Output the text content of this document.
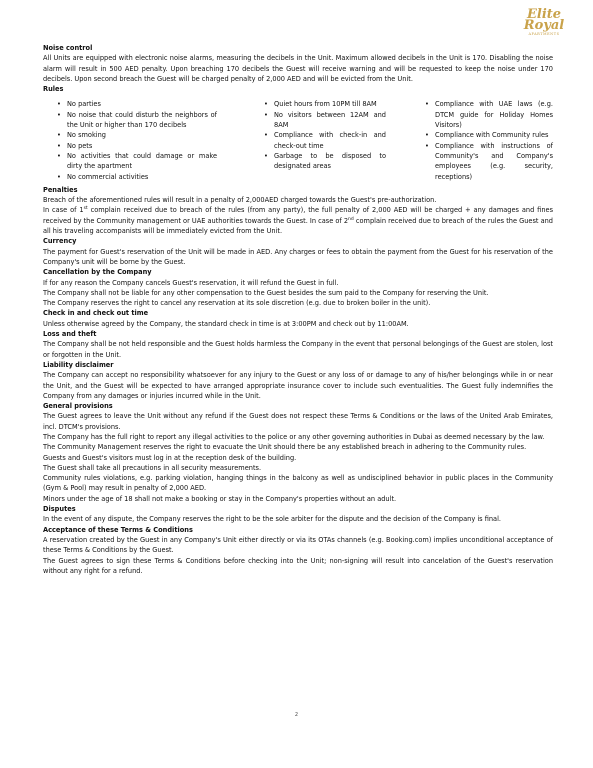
Elite
Royal
APARTMENTS

Noise control

All Units are equipped with electronic noise alarms, measuring the decibels in the Unit. Maximum allowed decibels in the Unit is 170. Disabling the noise alarm will result in 500 AED penalty. Upon breaching 170 decibels the Guest will receive warning and will be requested to keep the noise under 170 decibels. Upon second breach the Guest will be charged penalty of 2,000 AED and will be evicted from the Unit.

Rules

• No parties
• No noise that could disturb the neighbors of the Unit or higher than 170 decibels
• No smoking
• No pets
• No activities that could damage or make dirty the apartment
• No commercial activities
• Quiet hours from 10PM till 8AM
• No visitors between 12AM and 8AM
• Compliance with check-in and check-out time
• Garbage to be disposed to designated areas
• Compliance with UAE laws (e.g. DTCM guide for Holiday Homes Visitors)
• Compliance with Community rules
• Compliance with instructions of Community's and Company's employees (e.g. security, receptions)

Penalties

Breach of the aforementioned rules will result in a penalty of 2,000AED charged towards the Guest's pre-authorization.

In case of 1st complain received due to breach of the rules (from any party), the full penalty of 2,000 AED will be charged + any damages and fines received by the Community management or UAE authorities towards the Guest. In case of 2nd complain received due to breach of the rules the Guest and all his traveling accompanists will be immediately evicted from the Unit.

Currency

The payment for Guest's reservation of the Unit will be made in AED. Any charges or fees to obtain the payment from the Guest for his reservation of the Company's unit will be borne by the Guest.

Cancellation by the Company

If for any reason the Company cancels Guest's reservation, it will refund the Guest in full.

The Company shall not be liable for any other compensation to the Guest besides the sum paid to the Company for reserving the Unit.

The Company reserves the right to cancel any reservation at its sole discretion (e.g. due to broken boiler in the unit).

Check in and check out time

Unless otherwise agreed by the Company, the standard check in time is at 3:00PM and check out by 11:00AM.

Loss and theft

The Company shall be not held responsible and the Guest holds harmless the Company in the event that personal belongings of the Guest are stolen, lost or forgotten in the Unit.

Liability disclaimer

The Company can accept no responsibility whatsoever for any injury to the Guest or any loss of or damage to any of his/her belongings while in or near the Unit, and the Guest will be expected to have arranged appropriate insurance cover to include such eventualities. The Guest fully indemnifies the Company from any damages or injuries incurred while in the Unit.

General provisions

The Guest agrees to leave the Unit without any refund if the Guest does not respect these Terms & Conditions or the laws of the United Arab Emirates, incl. DTCM's provisions.

The Company has the full right to report any illegal activities to the police or any other governing authorities in Dubai as deemed necessary by the law.

The Community Management reserves the right to evacuate the Unit should there be any established breach in adhering to the Community rules.

Guests and Guest's visitors must log in at the reception desk of the building.

The Guest shall take all precautions in all security measurements.

Community rules violations, e.g. parking violation, hanging things in the balcony as well as undisciplined behavior in public places in the Community (Gym & Pool) may result in penalty of 2,000 AED.

Minors under the age of 18 shall not make a booking or stay in the Company's properties without an adult.

Disputes

In the event of any dispute, the Company reserves the right to be the sole arbiter for the dispute and the decision of the Company is final.

Acceptance of these Terms & Conditions

A reservation created by the Guest in any Company's Unit either directly or via its OTAs channels (e.g. Booking.com) implies unconditional acceptance of these Terms & Conditions by the Guest.

The Guest agrees to sign these Terms & Conditions before checking into the Unit; non-signing will result into cancelation of the Guest's reservation without any right for a refund.

2
